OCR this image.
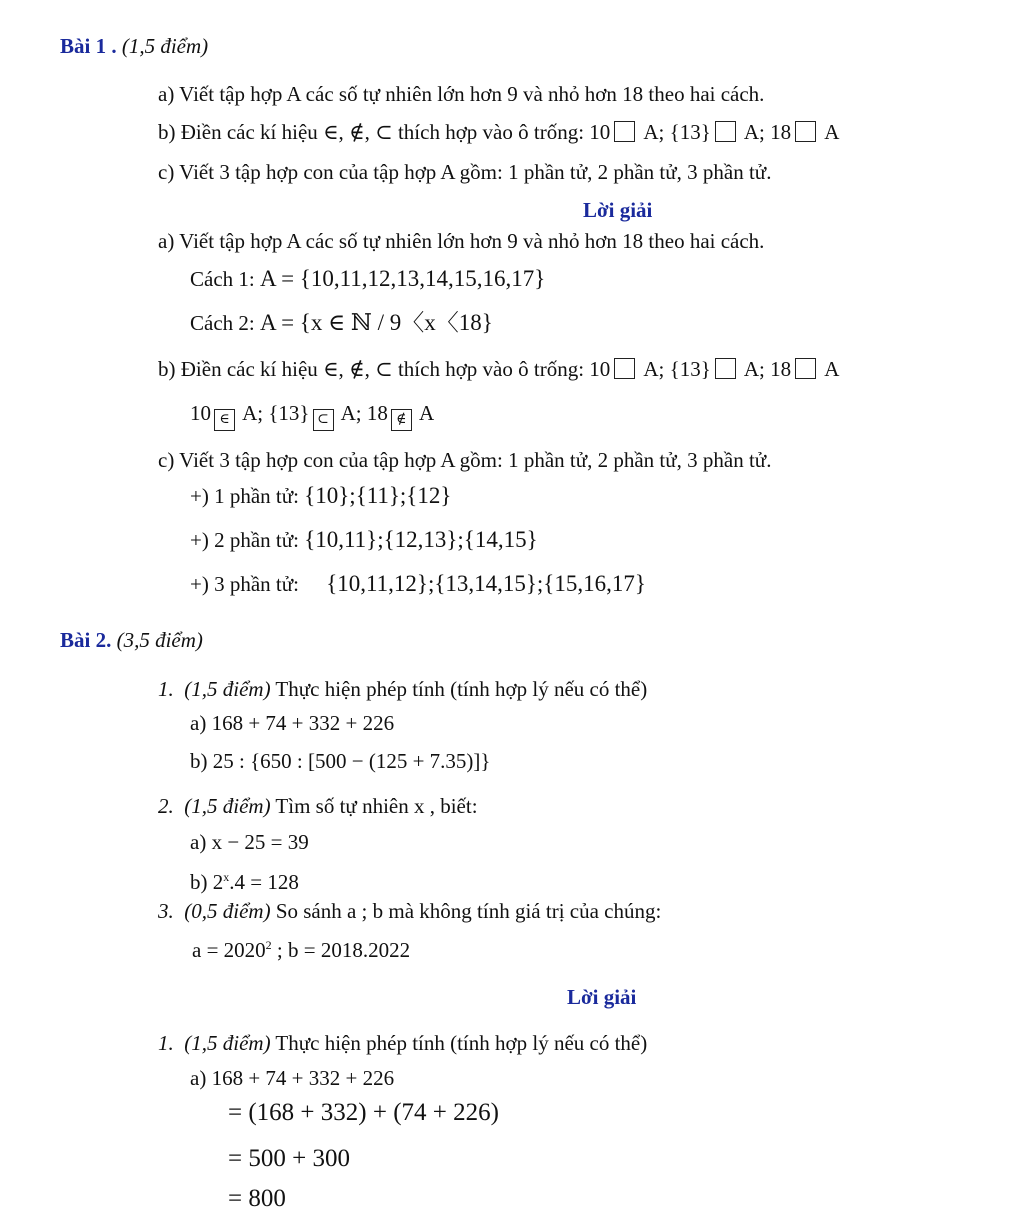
Bài 1 . (1,5 điểm)
a) Viết tập hợp A các số tự nhiên lớn hơn 9 và nhỏ hơn 18 theo hai cách.
b) Điền các kí hiệu ∈, ∉, ⊂ thích hợp vào ô trống: 10 A; {13} A; 18 A
c) Viết 3 tập hợp con của tập hợp A gồm: 1 phần tử, 2 phần tử, 3 phần tử.
Lời giải
a) Viết tập hợp A các số tự nhiên lớn hơn 9 và nhỏ hơn 18 theo hai cách.
Cách 1: A = {10,11,12,13,14,15,16,17}
Cách 2: A = {x ∈ ℕ / 9〈x〈18}
b) Điền các kí hiệu ∈, ∉, ⊂ thích hợp vào ô trống: 10 A; {13} A; 18 A
10 ∈ A; {13} ⊂ A; 18 ∉ A
c) Viết 3 tập hợp con của tập hợp A gồm: 1 phần tử, 2 phần tử, 3 phần tử.
+) 1 phần tử: {10};{11};{12}
+) 2 phần tử: {10,11};{12,13};{14,15}
+) 3 phần tử: {10,11,12};{13,14,15};{15,16,17}
Bài 2. (3,5 điểm)
1. (1,5 điểm) Thực hiện phép tính (tính hợp lý nếu có thể)
a) 168 + 74 + 332 + 226
b) 25 : {650 : [500 − (125 + 7.35)]}
2. (1,5 điểm) Tìm số tự nhiên x , biết:
a) x − 25 = 39
b) $2^x.4 = 128$
3. (0,5 điểm) So sánh a ; b mà không tính giá trị của chúng:
$a = 2020^2$ ; b = 2018.2022
Lời giải
1. (1,5 điểm) Thực hiện phép tính (tính hợp lý nếu có thể)
a) 168 + 74 + 332 + 226
= (168 + 332) + (74 + 226)
= 500 + 300
= 800
